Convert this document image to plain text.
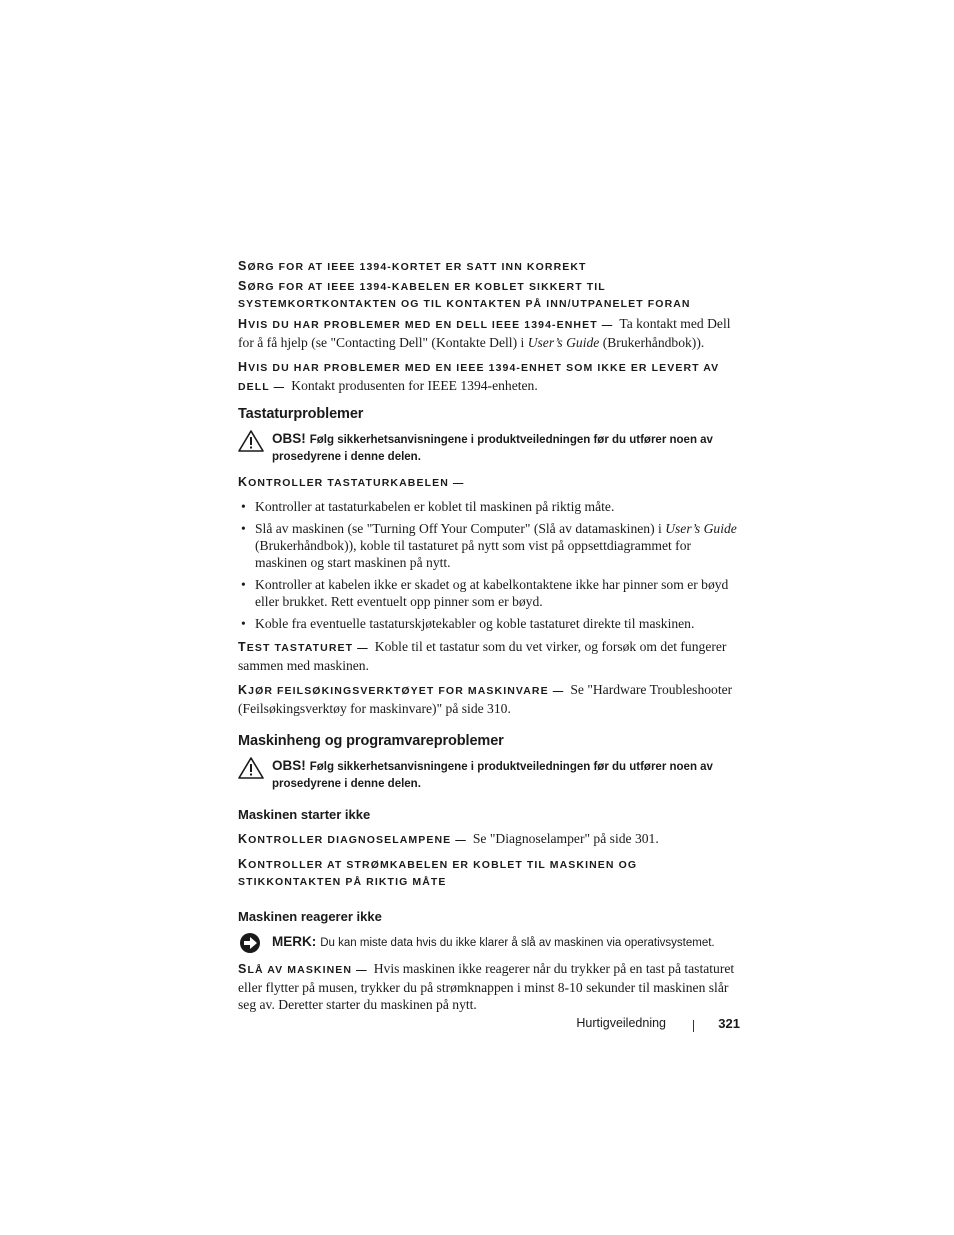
SØRG FOR AT IEEE 1394-KORTET ER SATT INN KORREKT
SØRG FOR AT IEEE 1394-KABELEN ER KOBLET SIKKERT TIL SYSTEMKORTKONTAKTEN OG TIL KONTAKTEN PÅ INN/UTPANELET FORAN

HVIS DU HAR PROBLEMER MED EN DELL IEEE 1394-ENHET — Ta kontakt med Dell for å få hjelp (se "Contacting Dell" (Kontakte Dell) i User’s Guide (Brukerhåndbok)).

HVIS DU HAR PROBLEMER MED EN IEEE 1394-ENHET SOM IKKE ER LEVERT AV DELL — Kontakt produsenten for IEEE 1394-enheten.

Tastaturproblemer
OBS! Følg sikkerhetsanvisningene i produktveiledningen før du utfører noen av prosedyrene i denne delen.
KONTROLLER TASTATURKABELEN —
• Kontroller at tastaturkabelen er koblet til maskinen på riktig måte.
• Slå av maskinen (se "Turning Off Your Computer" (Slå av datamaskinen) i User’s Guide (Brukerhåndbok)), koble til tastaturet på nytt som vist på oppsettdiagrammet for maskinen og start maskinen på nytt.
• Kontroller at kabelen ikke er skadet og at kabelkontaktene ikke har pinner som er bøyd eller brukket. Rett eventuelt opp pinner som er bøyd.
• Koble fra eventuelle tastaturskjøtekabler og koble tastaturet direkte til maskinen.

TEST TASTATURET — Koble til et tastatur som du vet virker, og forsøk om det fungerer sammen med maskinen.

KJØR FEILSØKINGSVERKTØYET FOR MASKINVARE — Se "Hardware Troubleshooter (Feilsøkingsverktøy for maskinvare)" på side 310.

Maskinheng og programvareproblemer
OBS! Følg sikkerhetsanvisningene i produktveiledningen før du utfører noen av prosedyrene i denne delen.
Maskinen starter ikke

KONTROLLER DIAGNOSELAMPENE — Se "Diagnoselamper" på side 301.

KONTROLLER AT STRØMKABELEN ER KOBLET TIL MASKINEN OG STIKKONTAKTEN PÅ RIKTIG MÅTE
Maskinen reagerer ikke
MERK: Du kan miste data hvis du ikke klarer å slå av maskinen via operativsystemet.

SLÅ AV MASKINEN — Hvis maskinen ikke reagerer når du trykker på en tast på tastaturet eller flytter på musen, trykker du på strømknappen i minst 8-10 sekunder til maskinen slår seg av. Deretter starter du maskinen på nytt.

Hurtigveiledning	321
